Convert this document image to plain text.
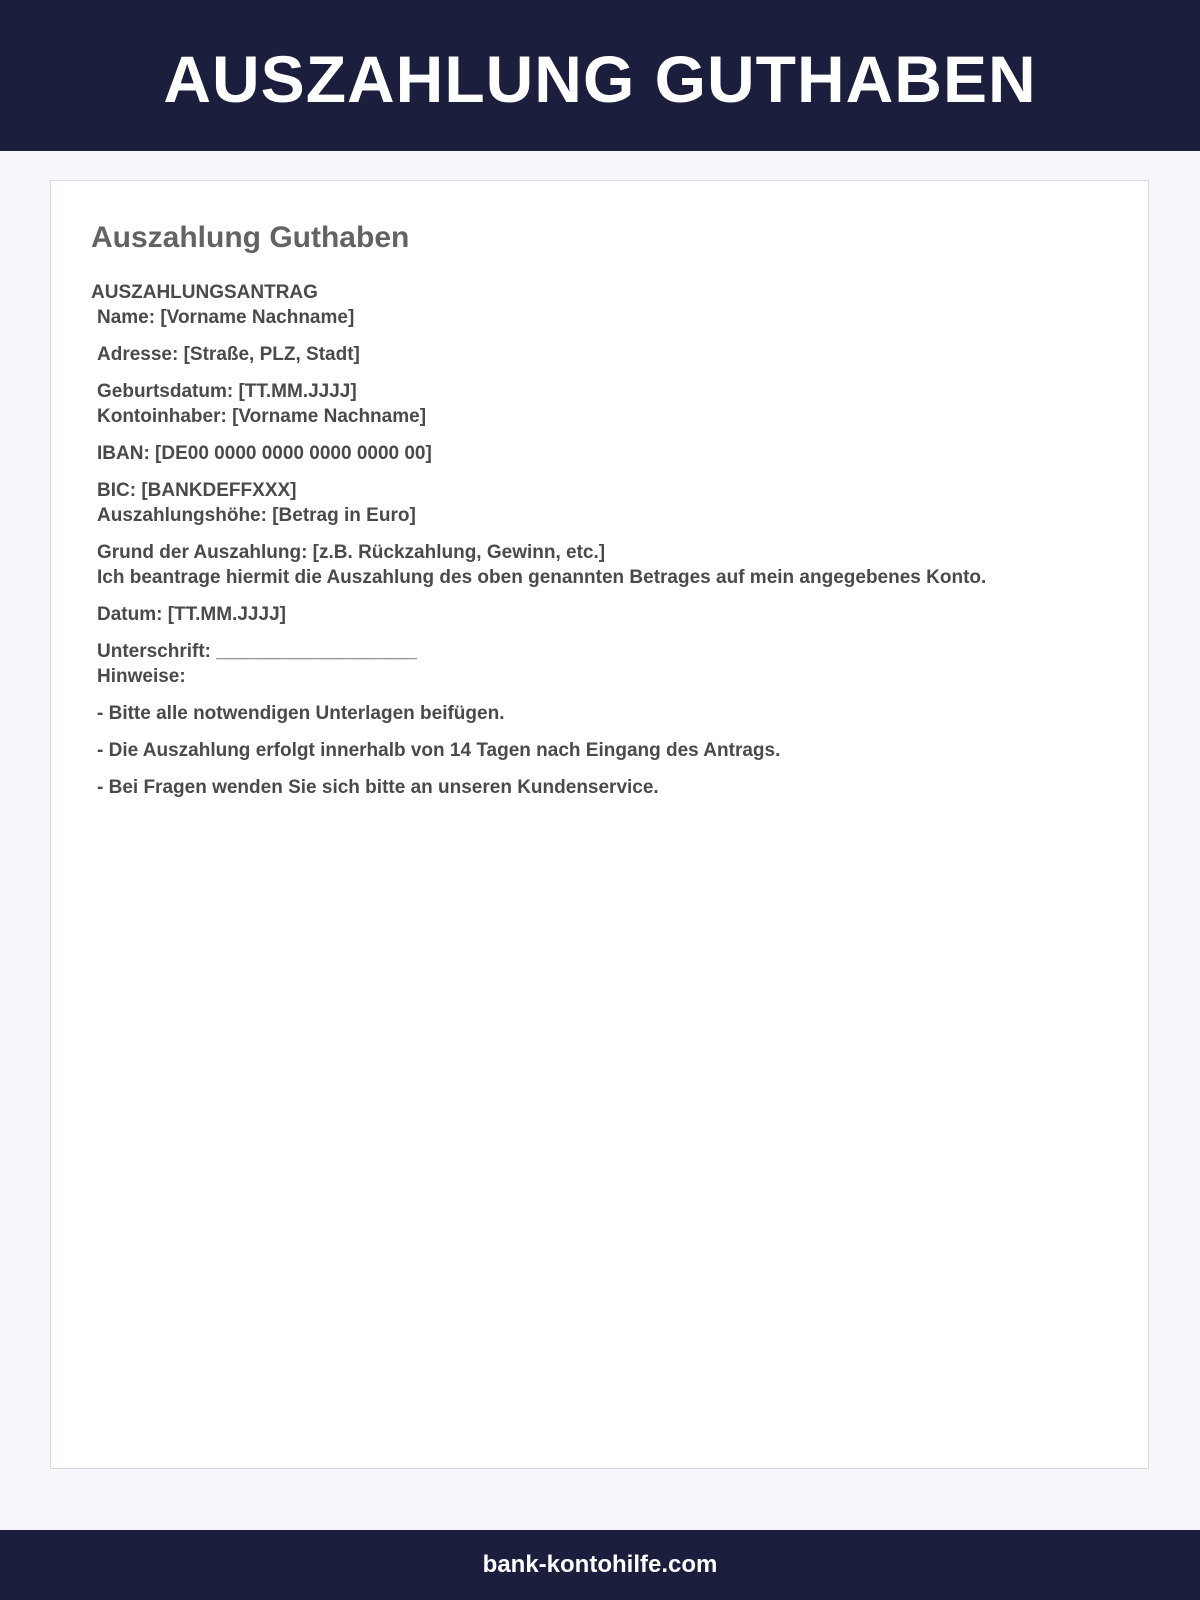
AUSZAHLUNG GUTHABEN
Auszahlung Guthaben
AUSZAHLUNGSANTRAG
Name: [Vorname Nachname]
Adresse: [Straße, PLZ, Stadt]
Geburtsdatum: [TT.MM.JJJJ]
Kontoinhaber: [Vorname Nachname]
IBAN: [DE00 0000 0000 0000 0000 00]
BIC: [BANKDEFFXXX]
Auszahlungshöhe: [Betrag in Euro]
Grund der Auszahlung: [z.B. Rückzahlung, Gewinn, etc.]
Ich beantrage hiermit die Auszahlung des oben genannten Betrages auf mein angegebenes Konto.
Datum: [TT.MM.JJJJ]
Unterschrift: ___________________
Hinweise:
- Bitte alle notwendigen Unterlagen beifügen.
- Die Auszahlung erfolgt innerhalb von 14 Tagen nach Eingang des Antrags.
- Bei Fragen wenden Sie sich bitte an unseren Kundenservice.
bank-kontohilfe.com
